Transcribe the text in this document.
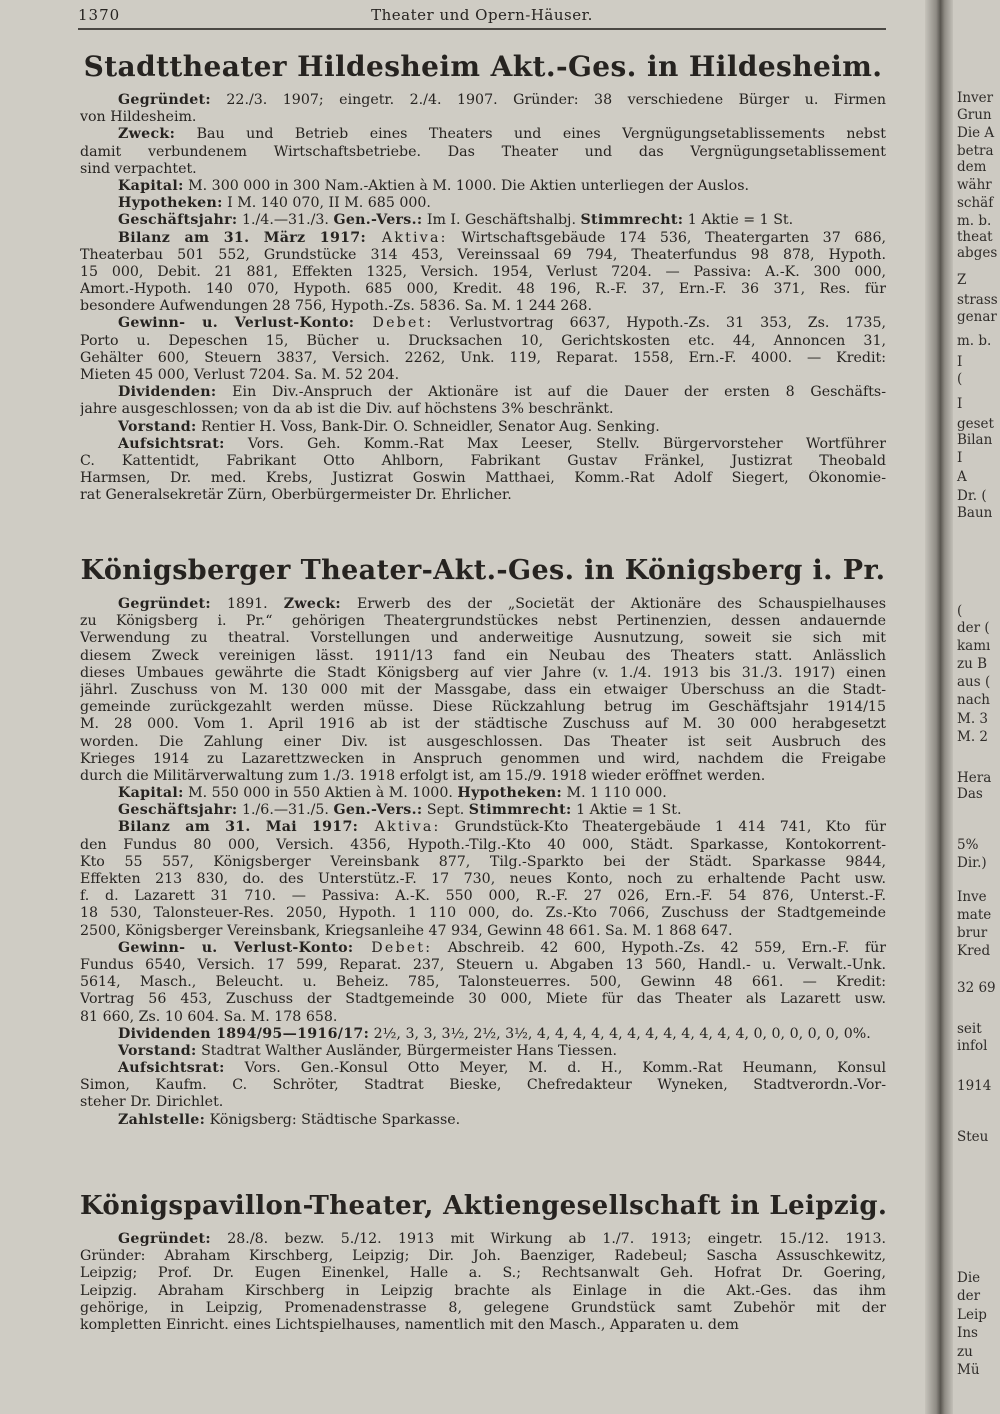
1370	Theater und Opern-Häuser.
Stadttheater Hildesheim Akt.-Ges. in Hildesheim.
Gegründet: 22./3. 1907; eingetr. 2./4. 1907. Gründer: 38 verschiedene Bürger u. Firmen
von Hildesheim.
Zweck: Bau und Betrieb eines Theaters und eines Vergnügungsetablissements nebst
damit verbundenem Wirtschaftsbetriebe. Das Theater und das Vergnügungsetablissement
sind verpachtet.
Kapital: M. 300 000 in 300 Nam.-Aktien à M. 1000. Die Aktien unterliegen der Auslos.
Hypotheken: I M. 140 070, II M. 685 000.
Geschäftsjahr: 1./4.—31./3. Gen.-Vers.: Im I. Geschäftshalbj. Stimmrecht: 1 Aktie = 1 St.
Bilanz am 31. März 1917: Aktiva: Wirtschaftsgebäude 174 536, Theatergarten 37 686,
Theaterbau 501 552, Grundstücke 314 453, Vereinssaal 69 794, Theaterfundus 98 878, Hypoth.
15 000, Debit. 21 881, Effekten 1325, Versich. 1954, Verlust 7204. — Passiva: A.-K. 300 000,
Amort.-Hypoth. 140 070, Hypoth. 685 000, Kredit. 48 196, R.-F. 37, Ern.-F. 36 371, Res. für
besondere Aufwendungen 28 756, Hypoth.-Zs. 5836. Sa. M. 1 244 268.
Gewinn- u. Verlust-Konto: Debet: Verlustvortrag 6637, Hypoth.-Zs. 31 353, Zs. 1735,
Porto u. Depeschen 15, Bücher u. Drucksachen 10, Gerichtskosten etc. 44, Annoncen 31,
Gehälter 600, Steuern 3837, Versich. 2262, Unk. 119, Reparat. 1558, Ern.-F. 4000. — Kredit:
Mieten 45 000, Verlust 7204. Sa. M. 52 204.
Dividenden: Ein Div.-Anspruch der Aktionäre ist auf die Dauer der ersten 8 Geschäfts-
jahre ausgeschlossen; von da ab ist die Div. auf höchstens 3% beschränkt.
Vorstand: Rentier H. Voss, Bank-Dir. O. Schneidler, Senator Aug. Senking.
Aufsichtsrat: Vors. Geh. Komm.-Rat Max Leeser, Stellv. Bürgervorsteher Wortführer
C. Kattentidt, Fabrikant Otto Ahlborn, Fabrikant Gustav Fränkel, Justizrat Theobald
Harmsen, Dr. med. Krebs, Justizrat Goswin Matthaei, Komm.-Rat Adolf Siegert, Ökonomie-
rat Generalsekretär Zürn, Oberbürgermeister Dr. Ehrlicher.
Königsberger Theater-Akt.-Ges. in Königsberg i. Pr.
Gegründet: 1891. Zweck: Erwerb des der „Societät der Aktionäre des Schauspielhauses
zu Königsberg i. Pr.“ gehörigen Theatergrundstückes nebst Pertinenzien, dessen andauernde
Verwendung zu theatral. Vorstellungen und anderweitige Ausnutzung, soweit sie sich mit
diesem Zweck vereinigen lässt. 1911/13 fand ein Neubau des Theaters statt. Anlässlich
dieses Umbaues gewährte die Stadt Königsberg auf vier Jahre (v. 1./4. 1913 bis 31./3. 1917) einen
jährl. Zuschuss von M. 130 000 mit der Massgabe, dass ein etwaiger Überschuss an die Stadt-
gemeinde zurückgezahlt werden müsse. Diese Rückzahlung betrug im Geschäftsjahr 1914/15
M. 28 000. Vom 1. April 1916 ab ist der städtische Zuschuss auf M. 30 000 herabgesetzt
worden. Die Zahlung einer Div. ist ausgeschlossen. Das Theater ist seit Ausbruch des
Krieges 1914 zu Lazarettzwecken in Anspruch genommen und wird, nachdem die Freigabe
durch die Militärverwaltung zum 1./3. 1918 erfolgt ist, am 15./9. 1918 wieder eröffnet werden.
Kapital: M. 550 000 in 550 Aktien à M. 1000. Hypotheken: M. 1 110 000.
Geschäftsjahr: 1./6.—31./5. Gen.-Vers.: Sept. Stimmrecht: 1 Aktie = 1 St.
Bilanz am 31. Mai 1917: Aktiva: Grundstück-Kto Theatergebäude 1 414 741, Kto für
den Fundus 80 000, Versich. 4356, Hypoth.-Tilg.-Kto 40 000, Städt. Sparkasse, Kontokorrent-
Kto 55 557, Königsberger Vereinsbank 877, Tilg.-Sparkto bei der Städt. Sparkasse 9844,
Effekten 213 830, do. des Unterstütz.-F. 17 730, neues Konto, noch zu erhaltende Pacht usw.
f. d. Lazarett 31 710. — Passiva: A.-K. 550 000, R.-F. 27 026, Ern.-F. 54 876, Unterst.-F.
18 530, Talonsteuer-Res. 2050, Hypoth. 1 110 000, do. Zs.-Kto 7066, Zuschuss der Stadtgemeinde
2500, Königsberger Vereinsbank, Kriegsanleihe 47 934, Gewinn 48 661. Sa. M. 1 868 647.
Gewinn- u. Verlust-Konto: Debet: Abschreib. 42 600, Hypoth.-Zs. 42 559, Ern.-F. für
Fundus 6540, Versich. 17 599, Reparat. 237, Steuern u. Abgaben 13 560, Handl.- u. Verwalt.-Unk.
5614, Masch., Beleucht. u. Beheiz. 785, Talonsteuerres. 500, Gewinn 48 661. — Kredit:
Vortrag 56 453, Zuschuss der Stadtgemeinde 30 000, Miete für das Theater als Lazarett usw.
81 660, Zs. 10 604. Sa. M. 178 658.
Dividenden 1894/95—1916/17: 2½, 3, 3, 3½, 2½, 3½, 4, 4, 4, 4, 4, 4, 4, 4, 4, 4, 4, 4, 0, 0, 0, 0, 0, 0%.
Vorstand: Stadtrat Walther Ausländer, Bürgermeister Hans Tiessen.
Aufsichtsrat: Vors. Gen.-Konsul Otto Meyer, M. d. H., Komm.-Rat Heumann, Konsul
Simon, Kaufm. C. Schröter, Stadtrat Bieske, Chefredakteur Wyneken, Stadtverordn.-Vor-
steher Dr. Dirichlet.
Zahlstelle: Königsberg: Städtische Sparkasse.
Königspavillon-Theater, Aktiengesellschaft in Leipzig.
Gegründet: 28./8. bezw. 5./12. 1913 mit Wirkung ab 1./7. 1913; eingetr. 15./12. 1913.
Gründer: Abraham Kirschberg, Leipzig; Dir. Joh. Baenziger, Radebeul; Sascha Assuschkewitz,
Leipzig; Prof. Dr. Eugen Einenkel, Halle a. S.; Rechtsanwalt Geh. Hofrat Dr. Goering,
Leipzig. Abraham Kirschberg in Leipzig brachte als Einlage in die Akt.-Ges. das ihm
gehörige, in Leipzig, Promenadenstrasse 8, gelegene Grundstück samt Zubehör mit der
kompletten Einricht. eines Lichtspielhauses, namentlich mit den Masch., Apparaten u. dem
Inver
Grun
Die A
betra
dem
währ
schäf
m. b.
theat
abges
Z
strass
genar
m. b.
I
(
I
geset
Bilan
I
A
Dr. (
Baun
(
der (
kamı
zu B
aus (
nach
M. 3
M. 2
Hera
Das
5%
Dir.)
Inve
mate
brur
Kred
32 69
seit
infol
1914
Steu
Die
der
Leip
Ins
zu
Mü
